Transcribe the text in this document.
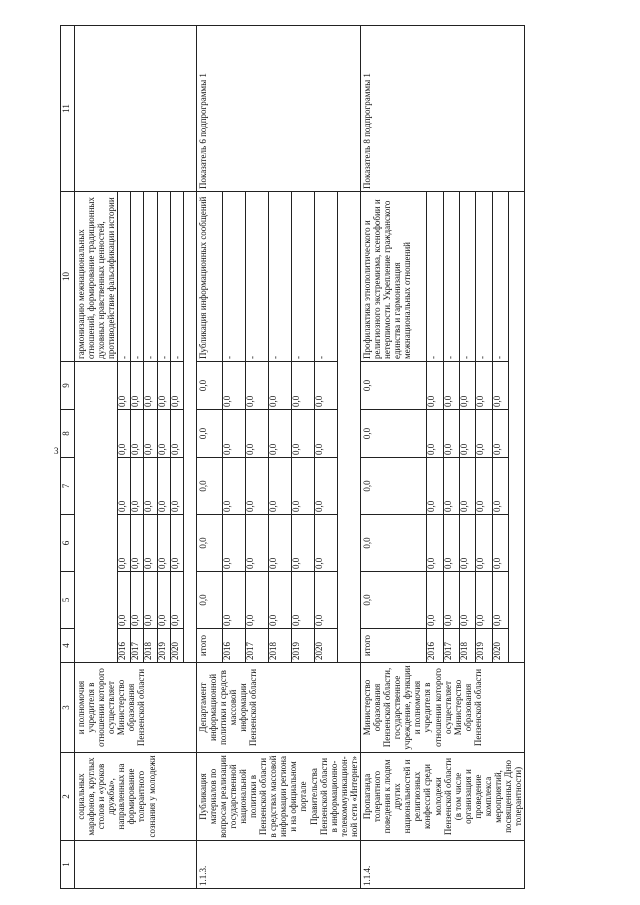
3
1	2	3	4	5	6	7	8	9	10	11
	социальных марафонов, круглых столов и «уроков дружбы», направленных на формирование толерантного сознания у молодежи	и полномочия учредителя в отношении которого осуществляет Министерство образования Пензенской области							гармонизацию межнациональных отношений, формирование традиционных духовных нравственных ценностей, противодействие фальсификации истории	
			2016	0,0	0,0	0,0	0,0	0,0	-	
			2017	0,0	0,0	0,0	0,0	0,0	-	
			2018	0,0	0,0	0,0	0,0	0,0	-	
			2019	0,0	0,0	0,0	0,0	0,0	-	
			2020	0,0	0,0	0,0	0,0	0,0	-	

1.1.3.	Публикация материалов по вопросам реализации государственной национальной политики в Пензенской области в средствах массовой информации региона и на официальном портале Правительства Пензенской области в информационно-телекоммуникацион-ной сети «Интернет»	Департамент информационной политики и средств массовой информации Пензенской области	итого	0,0	0,0	0,0	0,0	0,0	Публикация информационных сообщений	Показатель 6 подпрограммы 1
			2016	0,0	0,0	0,0	0,0	0,0	-	
			2017	0,0	0,0	0,0	0,0	0,0	-	
			2018	0,0	0,0	0,0	0,0	0,0	-	
			2019	0,0	0,0	0,0	0,0	0,0	-	
			2020	0,0	0,0	0,0	0,0	0,0	-	

1.1.4.	Пропаганда толерантного поведения к людям других национальностей и религиозных конфессий среди молодежи Пензенской области (в том числе организация и проведение комплекса мероприятий, посвященных Дню толерантности)	Министерство образования Пензенской области, государственное учреждение, функции и полномочия учредителя в отношении которого осуществляет Министерство образования Пензенской области	итого	0,0	0,0	0,0	0,0	0,0	Профилактика этнополитического и религиозного экстремизма, ксенофобии и нетерпимости. Укрепление гражданского единства и гармонизация межнациональных отношений	Показатель 8 подпрограммы 1
			2016	0,0	0,0	0,0	0,0	0,0	-	
			2017	0,0	0,0	0,0	0,0	0,0	-	
			2018	0,0	0,0	0,0	0,0	0,0	-	
			2019	0,0	0,0	0,0	0,0	0,0	-	
			2020	0,0	0,0	0,0	0,0	0,0	-	
